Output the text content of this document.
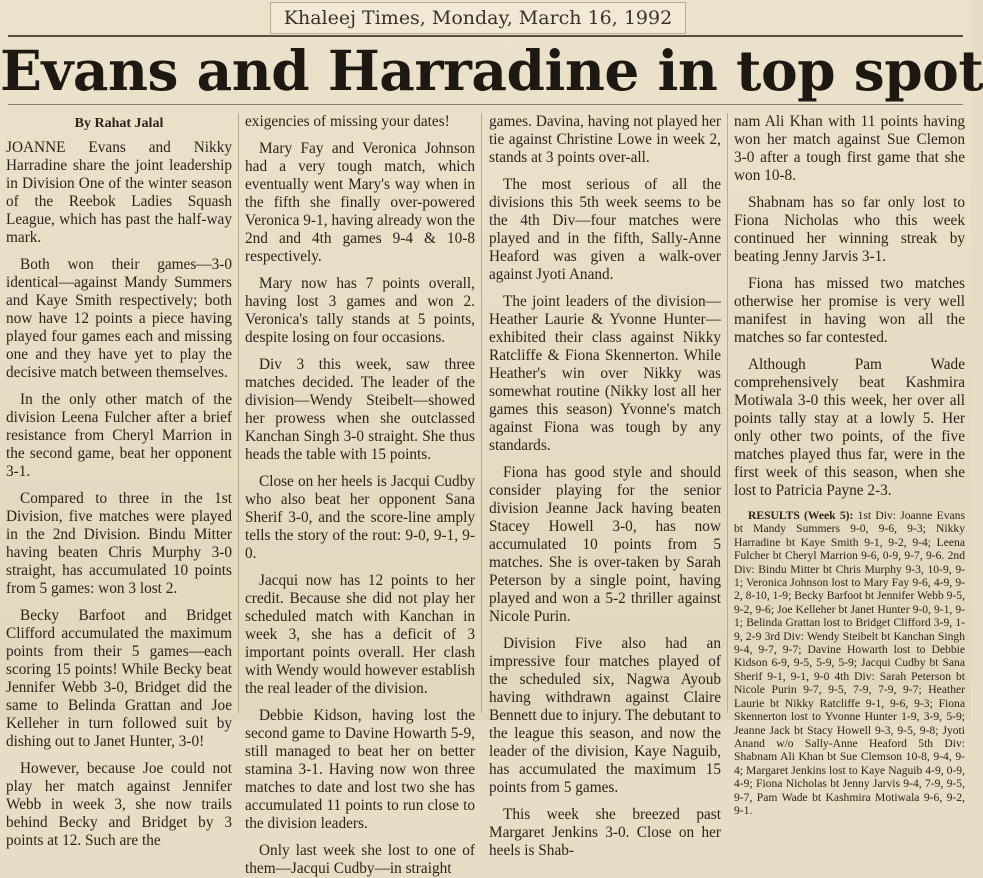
Khaleej Times, Monday, March 16, 1992
Evans and Harradine in top spot
By Rahat Jalal

JOANNE Evans and Nikky Harradine share the joint leadership in Division One of the winter season of the Reebok Ladies Squash League, which has past the half-way mark.

Both won their games—3-0 identical—against Mandy Summers and Kaye Smith respectively; both now have 12 points a piece having played four games each and missing one and they have yet to play the decisive match between themselves.

In the only other match of the division Leena Fulcher after a brief resistance from Cheryl Marrion in the second game, beat her opponent 3-1.

Compared to three in the 1st Division, five matches were played in the 2nd Division. Bindu Mitter having beaten Chris Murphy 3-0 straight, has accumulated 10 points from 5 games: won 3 lost 2.

Becky Barfoot and Bridget Clifford accumulated the maximum points from their 5 games—each scoring 15 points! While Becky beat Jennifer Webb 3-0, Bridget did the same to Belinda Grattan and Joe Kelleher in turn followed suit by dishing out to Janet Hunter, 3-0!

However, because Joe could not play her match against Jennifer Webb in week 3, she now trails behind Becky and Bridget by 3 points at 12. Such are the

exigencies of missing your dates!

Mary Fay and Veronica Johnson had a very tough match, which eventually went Mary's way when in the fifth she finally over-powered Veronica 9-1, having already won the 2nd and 4th games 9-4 & 10-8 respectively.

Mary now has 7 points overall, having lost 3 games and won 2. Veronica's tally stands at 5 points, despite losing on four occasions.

Div 3 this week, saw three matches decided. The leader of the division—Wendy Steibelt—showed her prowess when she outclassed Kanchan Singh 3-0 straight. She thus heads the table with 15 points.

Close on her heels is Jacqui Cudby who also beat her opponent Sana Sherif 3-0, and the score-line amply tells the story of the rout: 9-0, 9-1, 9-0.

Jacqui now has 12 points to her credit. Because she did not play her scheduled match with Kanchan in week 3, she has a deficit of 3 important points overall. Her clash with Wendy would however establish the real leader of the division.

Debbie Kidson, having lost the second game to Davine Howarth 5-9, still managed to beat her on better stamina 3-1. Having now won three matches to date and lost two she has accumulated 11 points to run close to the division leaders.

Only last week she lost to one of them—Jacqui Cudby—in straight

games. Davina, having not played her tie against Christine Lowe in week 2, stands at 3 points over-all.

The most serious of all the divisions this 5th week seems to be the 4th Div—four matches were played and in the fifth, Sally-Anne Heaford was given a walk-over against Jyoti Anand.

The joint leaders of the division—Heather Laurie & Yvonne Hunter—exhibited their class against Nikky Ratcliffe & Fiona Skennerton. While Heather's win over Nikky was somewhat routine (Nikky lost all her games this season) Yvonne's match against Fiona was tough by any standards.

Fiona has good style and should consider playing for the senior division Jeanne Jack having beaten Stacey Howell 3-0, has now accumulated 10 points from 5 matches. She is over-taken by Sarah Peterson by a single point, having played and won a 5-2 thriller against Nicole Purin.

Division Five also had an impressive four matches played of the scheduled six, Nagwa Ayoub having withdrawn against Claire Bennett due to injury. The debutant to the league this season, and now the leader of the division, Kaye Naguib, has accumulated the maximum 15 points from 5 games.

This week she breezed past Margaret Jenkins 3-0. Close on her heels is Shab-

nam Ali Khan with 11 points having won her match against Sue Clemon 3-0 after a tough first game that she won 10-8.

Shabnam has so far only lost to Fiona Nicholas who this week continued her winning streak by beating Jenny Jarvis 3-1.

Fiona has missed two matches otherwise her promise is very well manifest in having won all the matches so far contested.

Although Pam Wade comprehensively beat Kashmira Motiwala 3-0 this week, her over all points tally stay at a lowly 5. Her only other two points, of the five matches played thus far, were in the first week of this season, when she lost to Patricia Payne 2-3.

RESULTS (Week 5): 1st Div: Joanne Evans bt Mandy Summers 9-0, 9-6, 9-3; Nikky Harradine bt Kaye Smith 9-1, 9-2, 9-4; Leena Fulcher bt Cheryl Marrion 9-6, 0-9, 9-7, 9-6. 2nd Div: Bindu Mitter bt Chris Murphy 9-3, 10-9, 9-1; Veronica Johnson lost to Mary Fay 9-6, 4-9, 9-2, 8-10, 1-9; Becky Barfoot bt Jennifer Webb 9-5, 9-2, 9-6; Joe Kelleher bt Janet Hunter 9-0, 9-1, 9-1; Belinda Grattan lost to Bridget Clifford 3-9, 1-9, 2-9 3rd Div: Wendy Steibelt bt Kanchan Singh 9-4, 9-7, 9-7; Davine Howarth lost to Debbie Kidson 6-9, 9-5, 5-9, 5-9; Jacqui Cudby bt Sana Sherif 9-1, 9-1, 9-0 4th Div: Sarah Peterson bt Nicole Purin 9-7, 9-5, 7-9, 7-9, 9-7; Heather Laurie bt Nikky Ratcliffe 9-1, 9-6, 9-3; Fiona Skennerton lost to Yvonne Hunter 1-9, 3-9, 5-9; Jeanne Jack bt Stacy Howell 9-3, 9-5, 9-8; Jyoti Anand w/o Sally-Anne Heaford 5th Div: Shabnam Ali Khan bt Sue Clemson 10-8, 9-4, 9-4; Margaret Jenkins lost to Kaye Naguib 4-9, 0-9, 4-9; Fiona Nicholas bt Jenny Jarvis 9-4, 7-9, 9-5, 9-7, Pam Wade bt Kashmira Motiwala 9-6, 9-2, 9-1.
